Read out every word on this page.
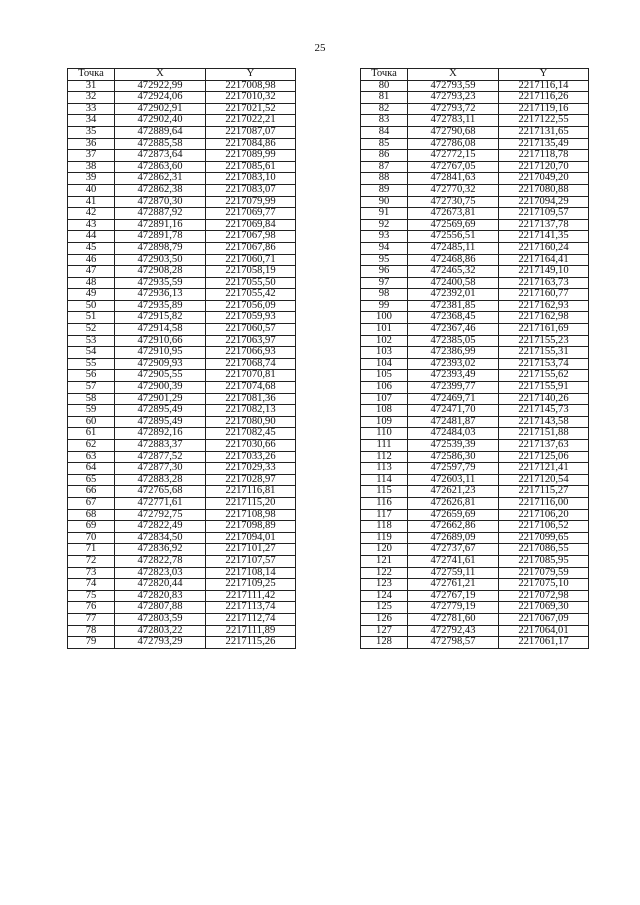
25
Точка	X	Y
31	472922,99	2217008,98
32	472924,06	2217010,32
33	472902,91	2217021,52
34	472902,40	2217022,21
35	472889,64	2217087,07
36	472885,58	2217084,86
37	472873,64	2217089,99
38	472863,60	2217085,61
39	472862,31	2217083,10
40	472862,38	2217083,07
41	472870,30	2217079,99
42	472887,92	2217069,77
43	472891,16	2217069,84
44	472891,78	2217067,98
45	472898,79	2217067,86
46	472903,50	2217060,71
47	472908,28	2217058,19
48	472935,59	2217055,50
49	472936,13	2217055,42
50	472935,89	2217056,09
51	472915,82	2217059,93
52	472914,58	2217060,57
53	472910,66	2217063,97
54	472910,95	2217066,93
55	472909,93	2217068,74
56	472905,55	2217070,81
57	472900,39	2217074,68
58	472901,29	2217081,36
59	472895,49	2217082,13
60	472895,49	2217080,90
61	472892,16	2217082,45
62	472883,37	2217030,66
63	472877,52	2217033,26
64	472877,30	2217029,33
65	472883,28	2217028,97
66	472765,68	2217116,81
67	472771,61	2217115,20
68	472792,75	2217108,98
69	472822,49	2217098,89
70	472834,50	2217094,01
71	472836,92	2217101,27
72	472822,78	2217107,57
73	472823,03	2217108,14
74	472820,44	2217109,25
75	472820,83	2217111,42
76	472807,88	2217113,74
77	472803,59	2217112,74
78	472803,22	2217111,89
79	472793,29	2217115,26
Точка	X	Y
80	472793,59	2217116,14
81	472793,23	2217116,26
82	472793,72	2217119,16
83	472783,11	2217122,55
84	472790,68	2217131,65
85	472786,08	2217135,49
86	472772,15	2217118,78
87	472767,05	2217120,70
88	472841,63	2217049,20
89	472770,32	2217080,88
90	472730,75	2217094,29
91	472673,81	2217109,57
92	472569,69	2217137,78
93	472556,51	2217141,35
94	472485,11	2217160,24
95	472468,86	2217164,41
96	472465,32	2217149,10
97	472400,58	2217163,73
98	472392,01	2217160,77
99	472381,85	2217162,93
100	472368,45	2217162,98
101	472367,46	2217161,69
102	472385,05	2217155,23
103	472386,99	2217155,31
104	472393,02	2217153,74
105	472393,49	2217155,62
106	472399,77	2217155,91
107	472469,71	2217140,26
108	472471,70	2217145,73
109	472481,87	2217143,58
110	472484,03	2217151,88
111	472539,39	2217137,63
112	472586,30	2217125,06
113	472597,79	2217121,41
114	472603,11	2217120,54
115	472621,23	2217115,27
116	472626,81	2217116,00
117	472659,69	2217106,20
118	472662,86	2217106,52
119	472689,09	2217099,65
120	472737,67	2217086,55
121	472741,61	2217085,95
122	472759,11	2217079,59
123	472761,21	2217075,10
124	472767,19	2217072,98
125	472779,19	2217069,30
126	472781,60	2217067,09
127	472792,43	2217064,01
128	472798,57	2217061,17
